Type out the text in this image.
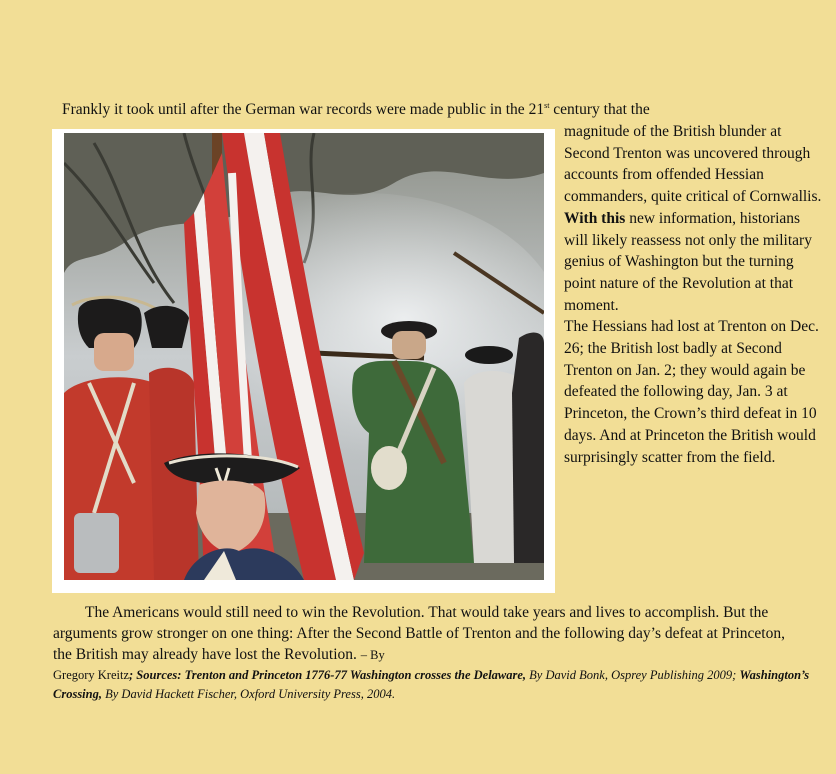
Frankly it took until after the German war records were made public in the 21st century that the

magnitude of the British blunder at Second Trenton was uncovered through accounts from offended Hessian commanders, quite critical of Cornwallis.

With this new information, historians will likely reassess not only the military genius of Washington but the turning point nature of the Revolution at that moment.

The Hessians had lost at Trenton on Dec. 26; the British lost badly at Second Trenton on Jan. 2; they would again be defeated the following day, Jan. 3 at Princeton, the Crown’s third defeat in 10 days. And at Princeton the British would surprisingly scatter from the field.

The Americans would still need to win the Revolution. That would take years and lives to accomplish. But the arguments grow stronger on one thing: After the Second Battle of Trenton and the following day’s defeat at Princeton, the British may already have lost the Revolution. – By
Gregory Kreitz; Sources: Trenton and Princeton 1776-77 Washington crosses the Delaware, By David Bonk, Osprey Publishing 2009; Washington’s Crossing, By David Hackett Fischer, Oxford University Press, 2004.
